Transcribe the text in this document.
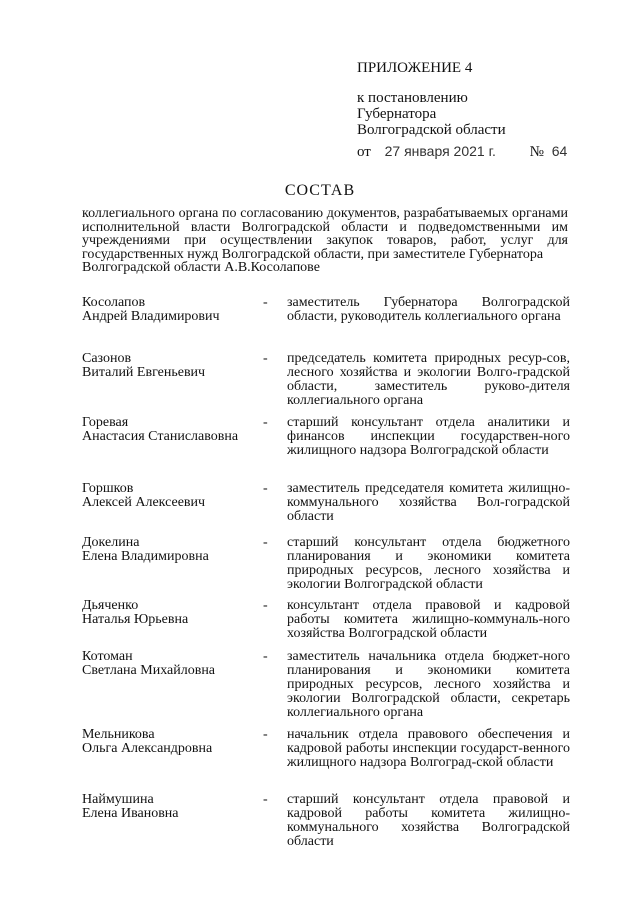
ПРИЛОЖЕНИЕ 4
к постановлению
Губернатора
Волгоградской области
от 27 января 2021 г. № 64
СОСТАВ
коллегиального органа по согласованию документов, разрабатываемых органами исполнительной власти Волгоградской области и подведомственными им учреждениями при осуществлении закупок товаров, работ, услуг для государственных нужд Волгоградской области, при заместителе Губернатора
Волгоградской области А.В.Косолапове
Косолапов
Андрей Владимирович
- заместитель Губернатора Волгоградской области, руководитель коллегиального органа
Сазонов
Виталий Евгеньевич
- председатель комитета природных ресур-сов, лесного хозяйства и экологии Волго-градской области, заместитель руково-дителя коллегиального органа
Горевая
Анастасия Станиславовна
- старший консультант отдела аналитики и финансов инспекции государствен-ного жилищного надзора Волгоградской области
Горшков
Алексей Алексеевич
- заместитель председателя комитета жилищно-коммунального хозяйства Вол-гоградской области
Докелина
Елена Владимировна
- старший консультант отдела бюджетного планирования и экономики комитета природных ресурсов, лесного хозяйства и экологии Волгоградской области
Дьяченко
Наталья Юрьевна
- консультант отдела правовой и кадровой работы комитета жилищно-коммуналь-ного хозяйства Волгоградской области
Котоман
Светлана Михайловна
- заместитель начальника отдела бюджет-ного планирования и экономики комитета природных ресурсов, лесного хозяйства и экологии Волгоградской области, секретарь коллегиального органа
Мельникова
Ольга Александровна
- начальник отдела правового обеспечения и кадровой работы инспекции государст-венного жилищного надзора Волгоград-ской области
Наймушина
Елена Ивановна
- старший консультант отдела правовой и кадровой работы комитета жилищно-коммунального хозяйства Волгоградской области
